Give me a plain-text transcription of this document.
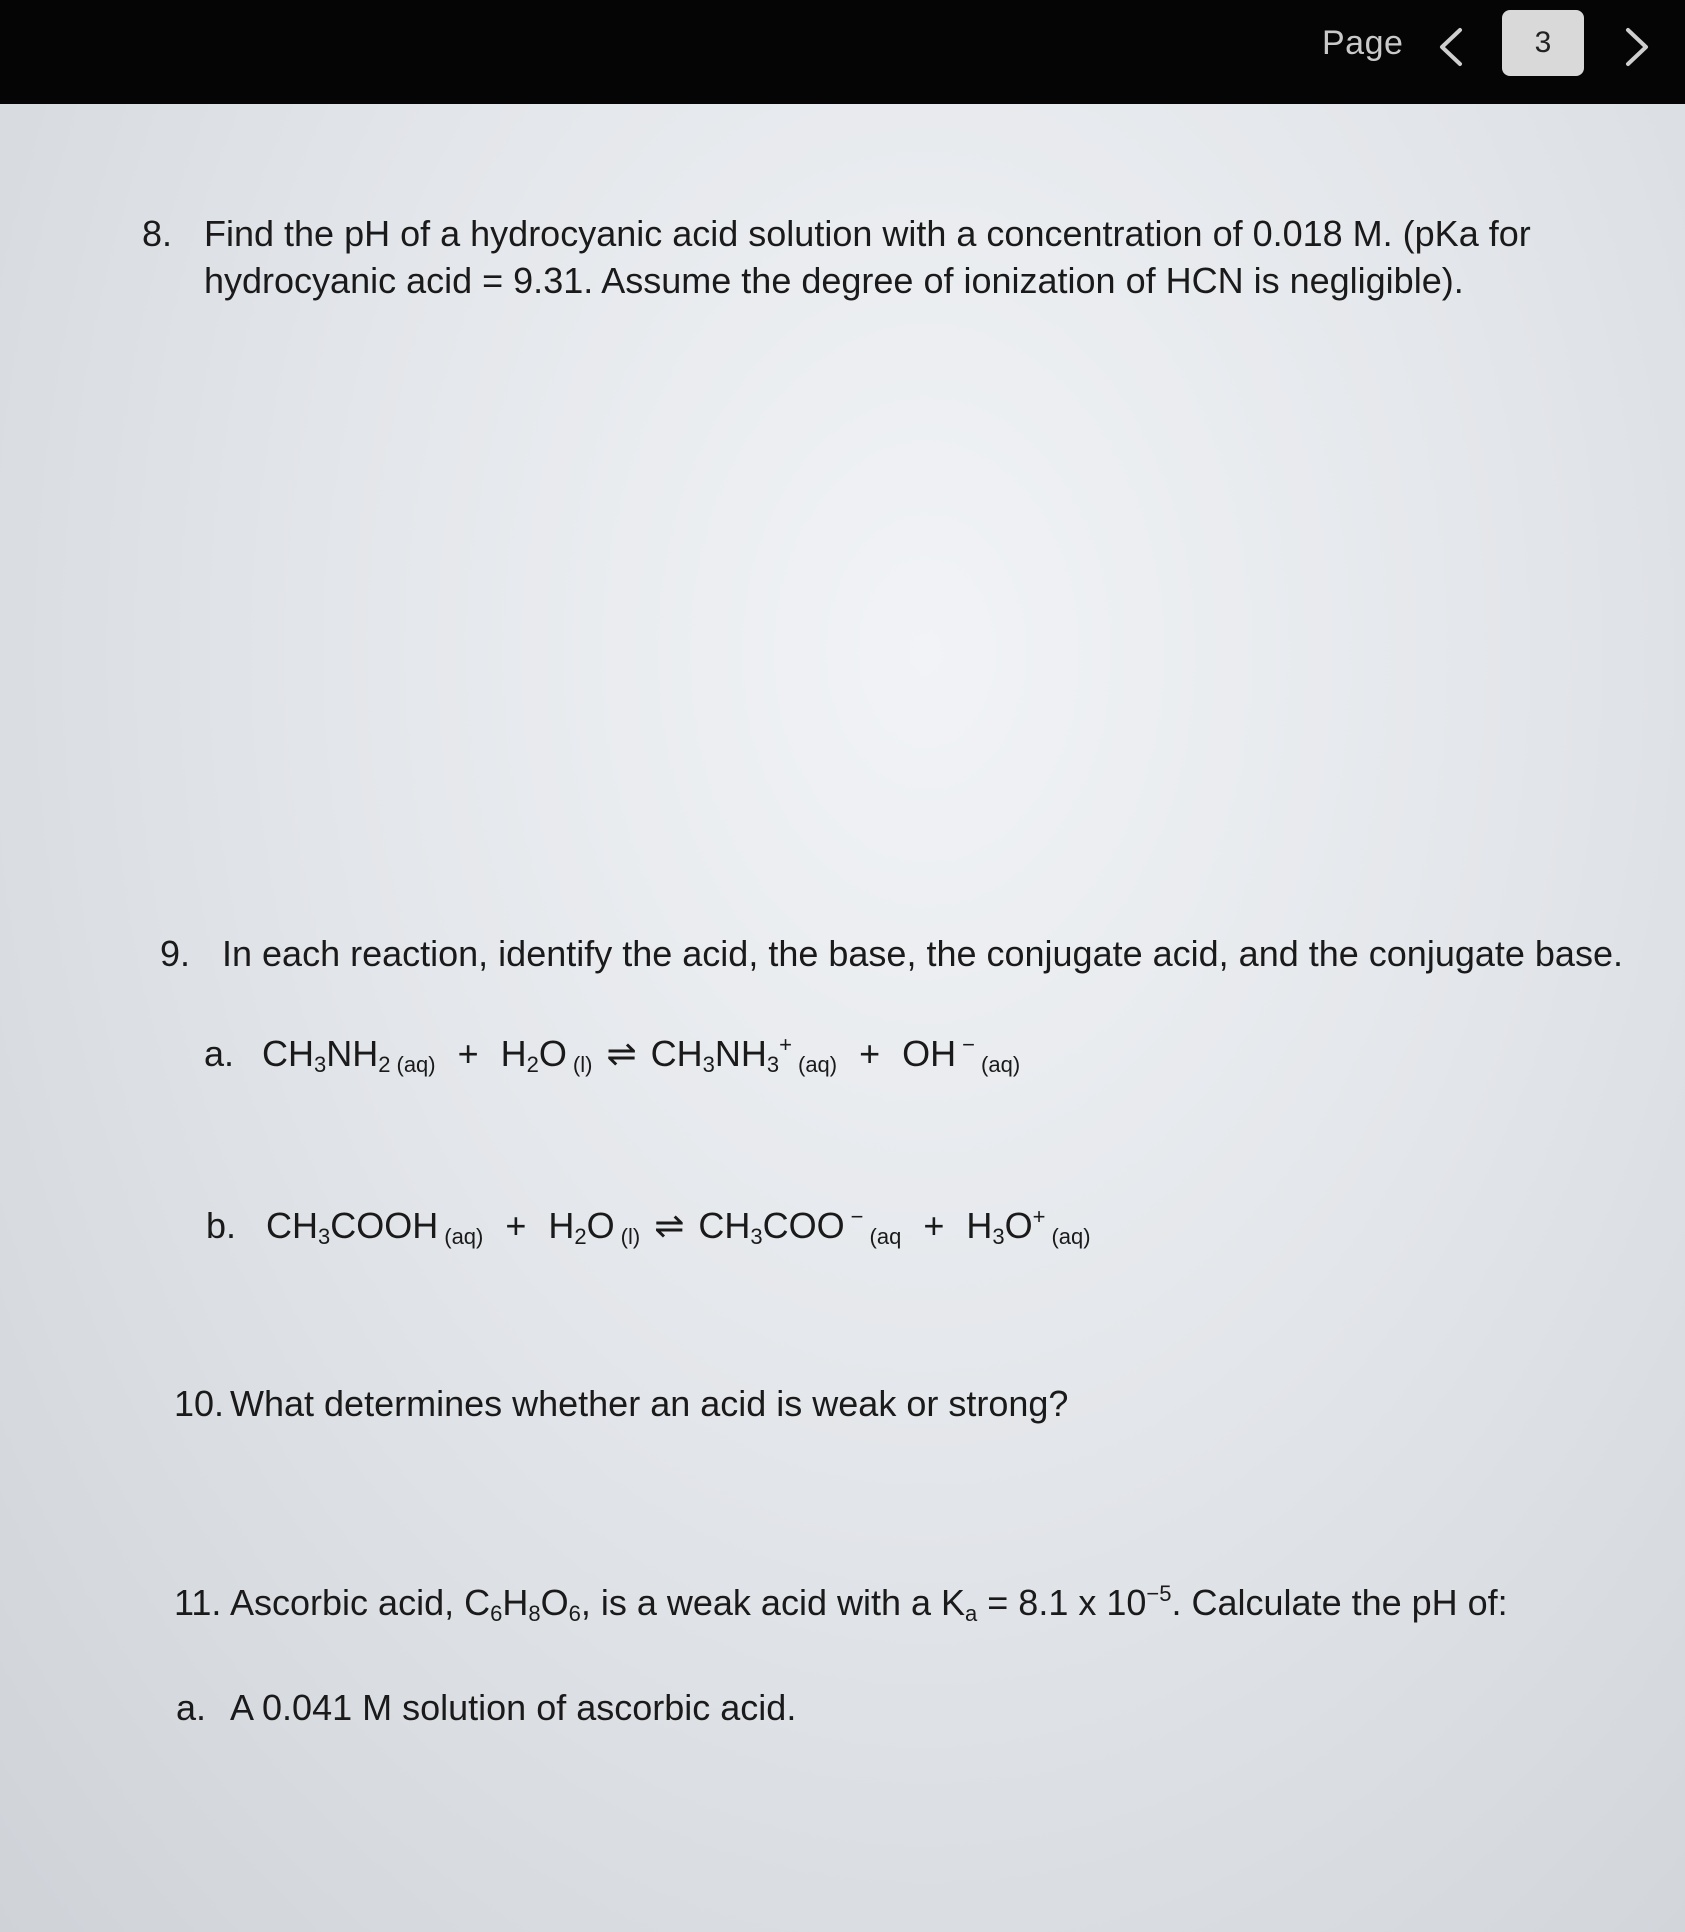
Page	3
8. Find the pH of a hydrocyanic acid solution with a concentration of 0.018 M. (pKa for
hydrocyanic acid = 9.31. Assume the degree of ionization of HCN is negligible).
9. In each reaction, identify the acid, the base, the conjugate acid, and the conjugate base.
a. CH3NH2 (aq) + H2O (l) ⇌ CH3NH3+(aq) + OH −(aq)
b. CH3COOH (aq) + H2O (l) ⇌ CH3COO −(aq + H3O+(aq)
10. What determines whether an acid is weak or strong?
11. Ascorbic acid, $C_6H_8O_6$, is a weak acid with a $K_a = 8.1$ x $10^{-5}$. Calculate the pH of:
a. A 0.041 M solution of ascorbic acid.
